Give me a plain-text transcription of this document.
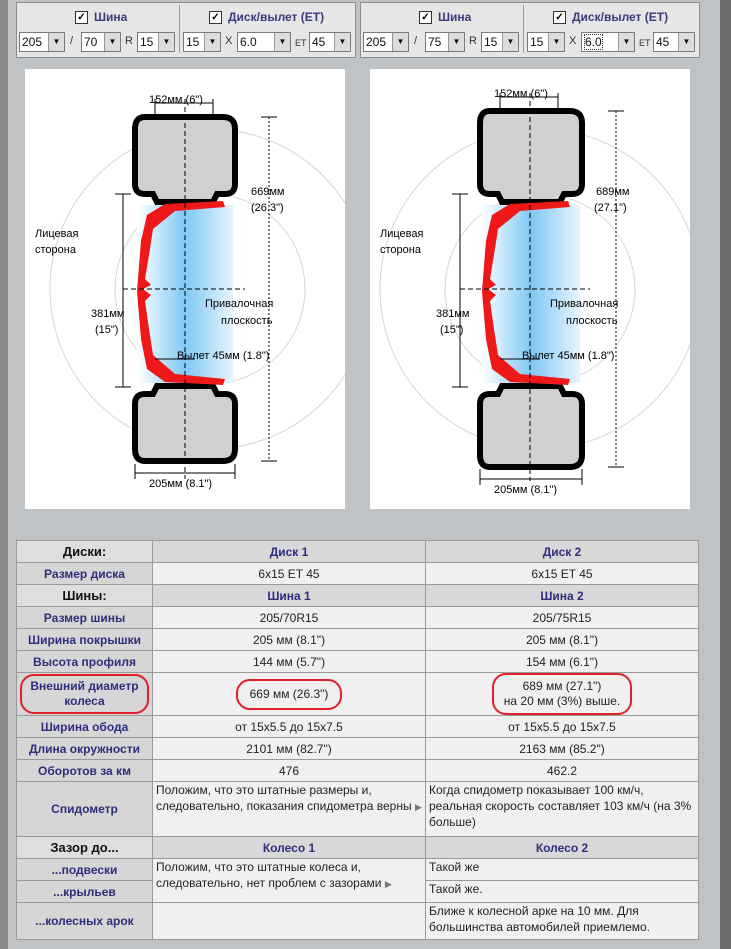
✓ Шина	✓ Диск/вылет (ET)
205	▼ / 70	▼ R 15	▼ 15	▼ X 6.0	▼ ET 45	▼
✓ Шина	✓ Диск/вылет (ET)
205	▼ / 75	▼ R 15	▼ 15	▼ X 6.0	▼ ET 45	▼
152мм (6")
669мм
(26.3")
Лицевая
сторона
381мм
(15")
Привалочная
плоскость
Вылет 45мм (1.8")
205мм (8.1")
152мм (6")
689мм
(27.1")
Лицевая
сторона
381мм
(15")
Привалочная
плоскость
Вылет 45мм (1.8")
205мм (8.1")
Диски:	Диск 1	Диск 2
Размер диска	6x15 ET 45	6x15 ET 45
Шины:	Шина 1	Шина 2
Размер шины	205/70R15	205/75R15
Ширина покрышки	205 мм (8.1")	205 мм (8.1")
Высота профиля	144 мм (5.7")	154 мм (6.1")
Внешний диаметр колеса	669 мм (26.3")	689 мм (27.1")
на 20 мм (3%) выше.
Ширина обода	от 15x5.5 до 15x7.5	от 15x5.5 до 15x7.5
Длина окружности	2101 мм (82.7")	2163 мм (85.2")
Оборотов за км	476	462.2
Спидометр	Положим, что это штатные размеры и, следовательно, показания спидометра верны ▶	Когда спидометр показывает 100 км/ч, реальная скорость составляет 103 км/ч (на 3% больше)
Зазор до...	Колесо 1	Колесо 2
...подвески	Положим, что это штатные колеса и, следовательно, нет проблем с зазорами ▶	Такой же
...крыльев		Такой же.
...колесных арок		Ближе к колесной арке на 10 мм. Для большинства автомобилей приемлемо.
